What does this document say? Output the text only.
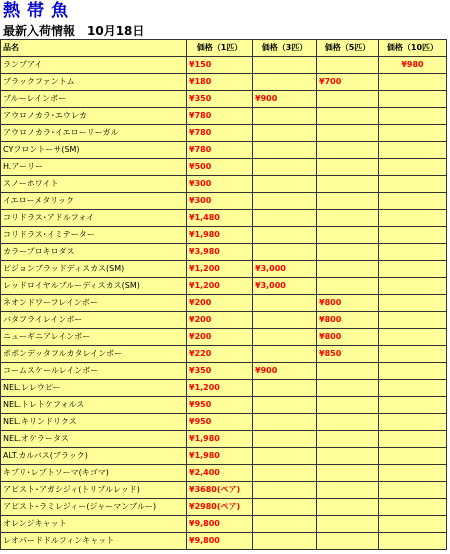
熱帯魚
最新入荷情報　10月18日
品名	価格（1匹）	価格（3匹）	価格（5匹）	価格（10匹）
ランプアイ	¥150			¥980
ブラックファントム	¥180		¥700	
ブルーレインボー	¥350	¥900		
アウロノカラ･エウレカ	¥780			
アウロノカラ･イエローリーガル	¥780			
CYフロントーサ(SM)	¥780			
H.アーリー	¥500			
スノーホワイト	¥300			
イエローメタリック	¥300			
コリドラス･アドルフォイ	¥1,480			
コリドラス･イミテーター	¥1,980			
カラープロキロダス	¥3,980			
ピジョンブラッドディスカス(SM)	¥1,200	¥3,000		
レッドロイヤルブルーディスカス(SM)	¥1,200	¥3,000		
ネオンドワーフレインボー	¥200		¥800	
バタフライレインボー	¥200		¥800	
ニューギニアレインボー	¥200		¥800	
ポポンデッタフルカタレインボー	¥220		¥850	
コームスケールレインボー	¥350	¥900		
NEL.レレウピー	¥1,200			
NEL.トレトケフォルス	¥950			
NEL.キリンドリクス	¥950			
NEL.オケラータス	¥1,980			
ALT.カルバス(ブラック)	¥1,980			
キプリ･レプトソーマ(キゴマ)	¥2,400			
アピスト･アガシジィ(トリプルレッド)	¥3680(ペア)			
アピスト･ラミレジィー(ジャーマンブルー)	¥2980(ペア)			
オレンジキャット	¥9,800			
レオパードドルフィンキャット	¥9,800			
